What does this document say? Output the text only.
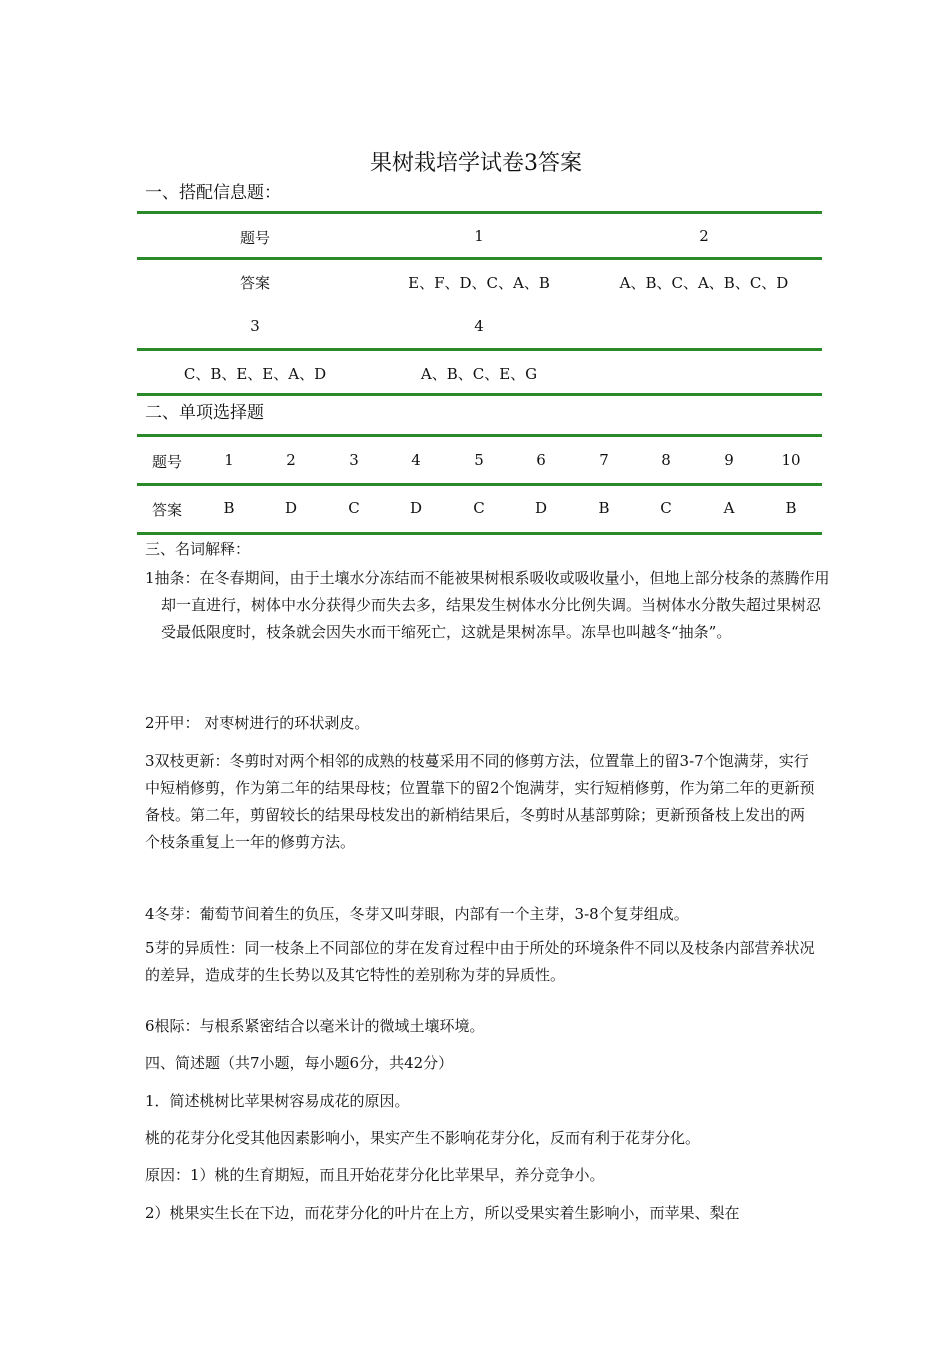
果树栽培学试卷3答案
一、搭配信息题：
题号	1	2
答案	E、F、D、C、A、B	A、B、C、A、B、C、D
3	4
C、B、E、E、A、D	A、B、C、E、G
二、单项选择题
题号	1	2	3	4	5	6	7	8	9	10
答案	B	D	C	D	C	D	B	C	A	B
三、名词解释：
1抽条：在冬春期间，由于土壤水分冻结而不能被果树根系吸收或吸收量小，但地上部分枝条的蒸腾作用却一直进行，树体中水分获得少而失去多，结果发生树体水分比例失调。当树体水分散失超过果树忍受最低限度时，枝条就会因失水而干缩死亡，这就是果树冻旱。冻旱也叫越冬“抽条”。
2开甲： 对枣树进行的环状剥皮。
3双枝更新：冬剪时对两个相邻的成熟的枝蔓采用不同的修剪方法，位置靠上的留3-7个饱满芽，实行中短梢修剪，作为第二年的结果母枝；位置靠下的留2个饱满芽，实行短梢修剪，作为第二年的更新预备枝。第二年，剪留较长的结果母枝发出的新梢结果后，冬剪时从基部剪除；更新预备枝上发出的两个枝条重复上一年的修剪方法。
4冬芽：葡萄节间着生的负压，冬芽又叫芽眼，内部有一个主芽，3-8个复芽组成。
5芽的异质性：同一枝条上不同部位的芽在发育过程中由于所处的环境条件不同以及枝条内部营养状况的差异，造成芽的生长势以及其它特性的差别称为芽的异质性。
6根际：与根系紧密结合以毫米计的微域土壤环境。
四、简述题（共7小题，每小题6分，共42分）
1．简述桃树比苹果树容易成花的原因。
桃的花芽分化受其他因素影响小，果实产生不影响花芽分化，反而有利于花芽分化。
原因：1）桃的生育期短，而且开始花芽分化比苹果早，养分竞争小。
2）桃果实生长在下边，而花芽分化的叶片在上方，所以受果实着生影响小，而苹果、梨在
